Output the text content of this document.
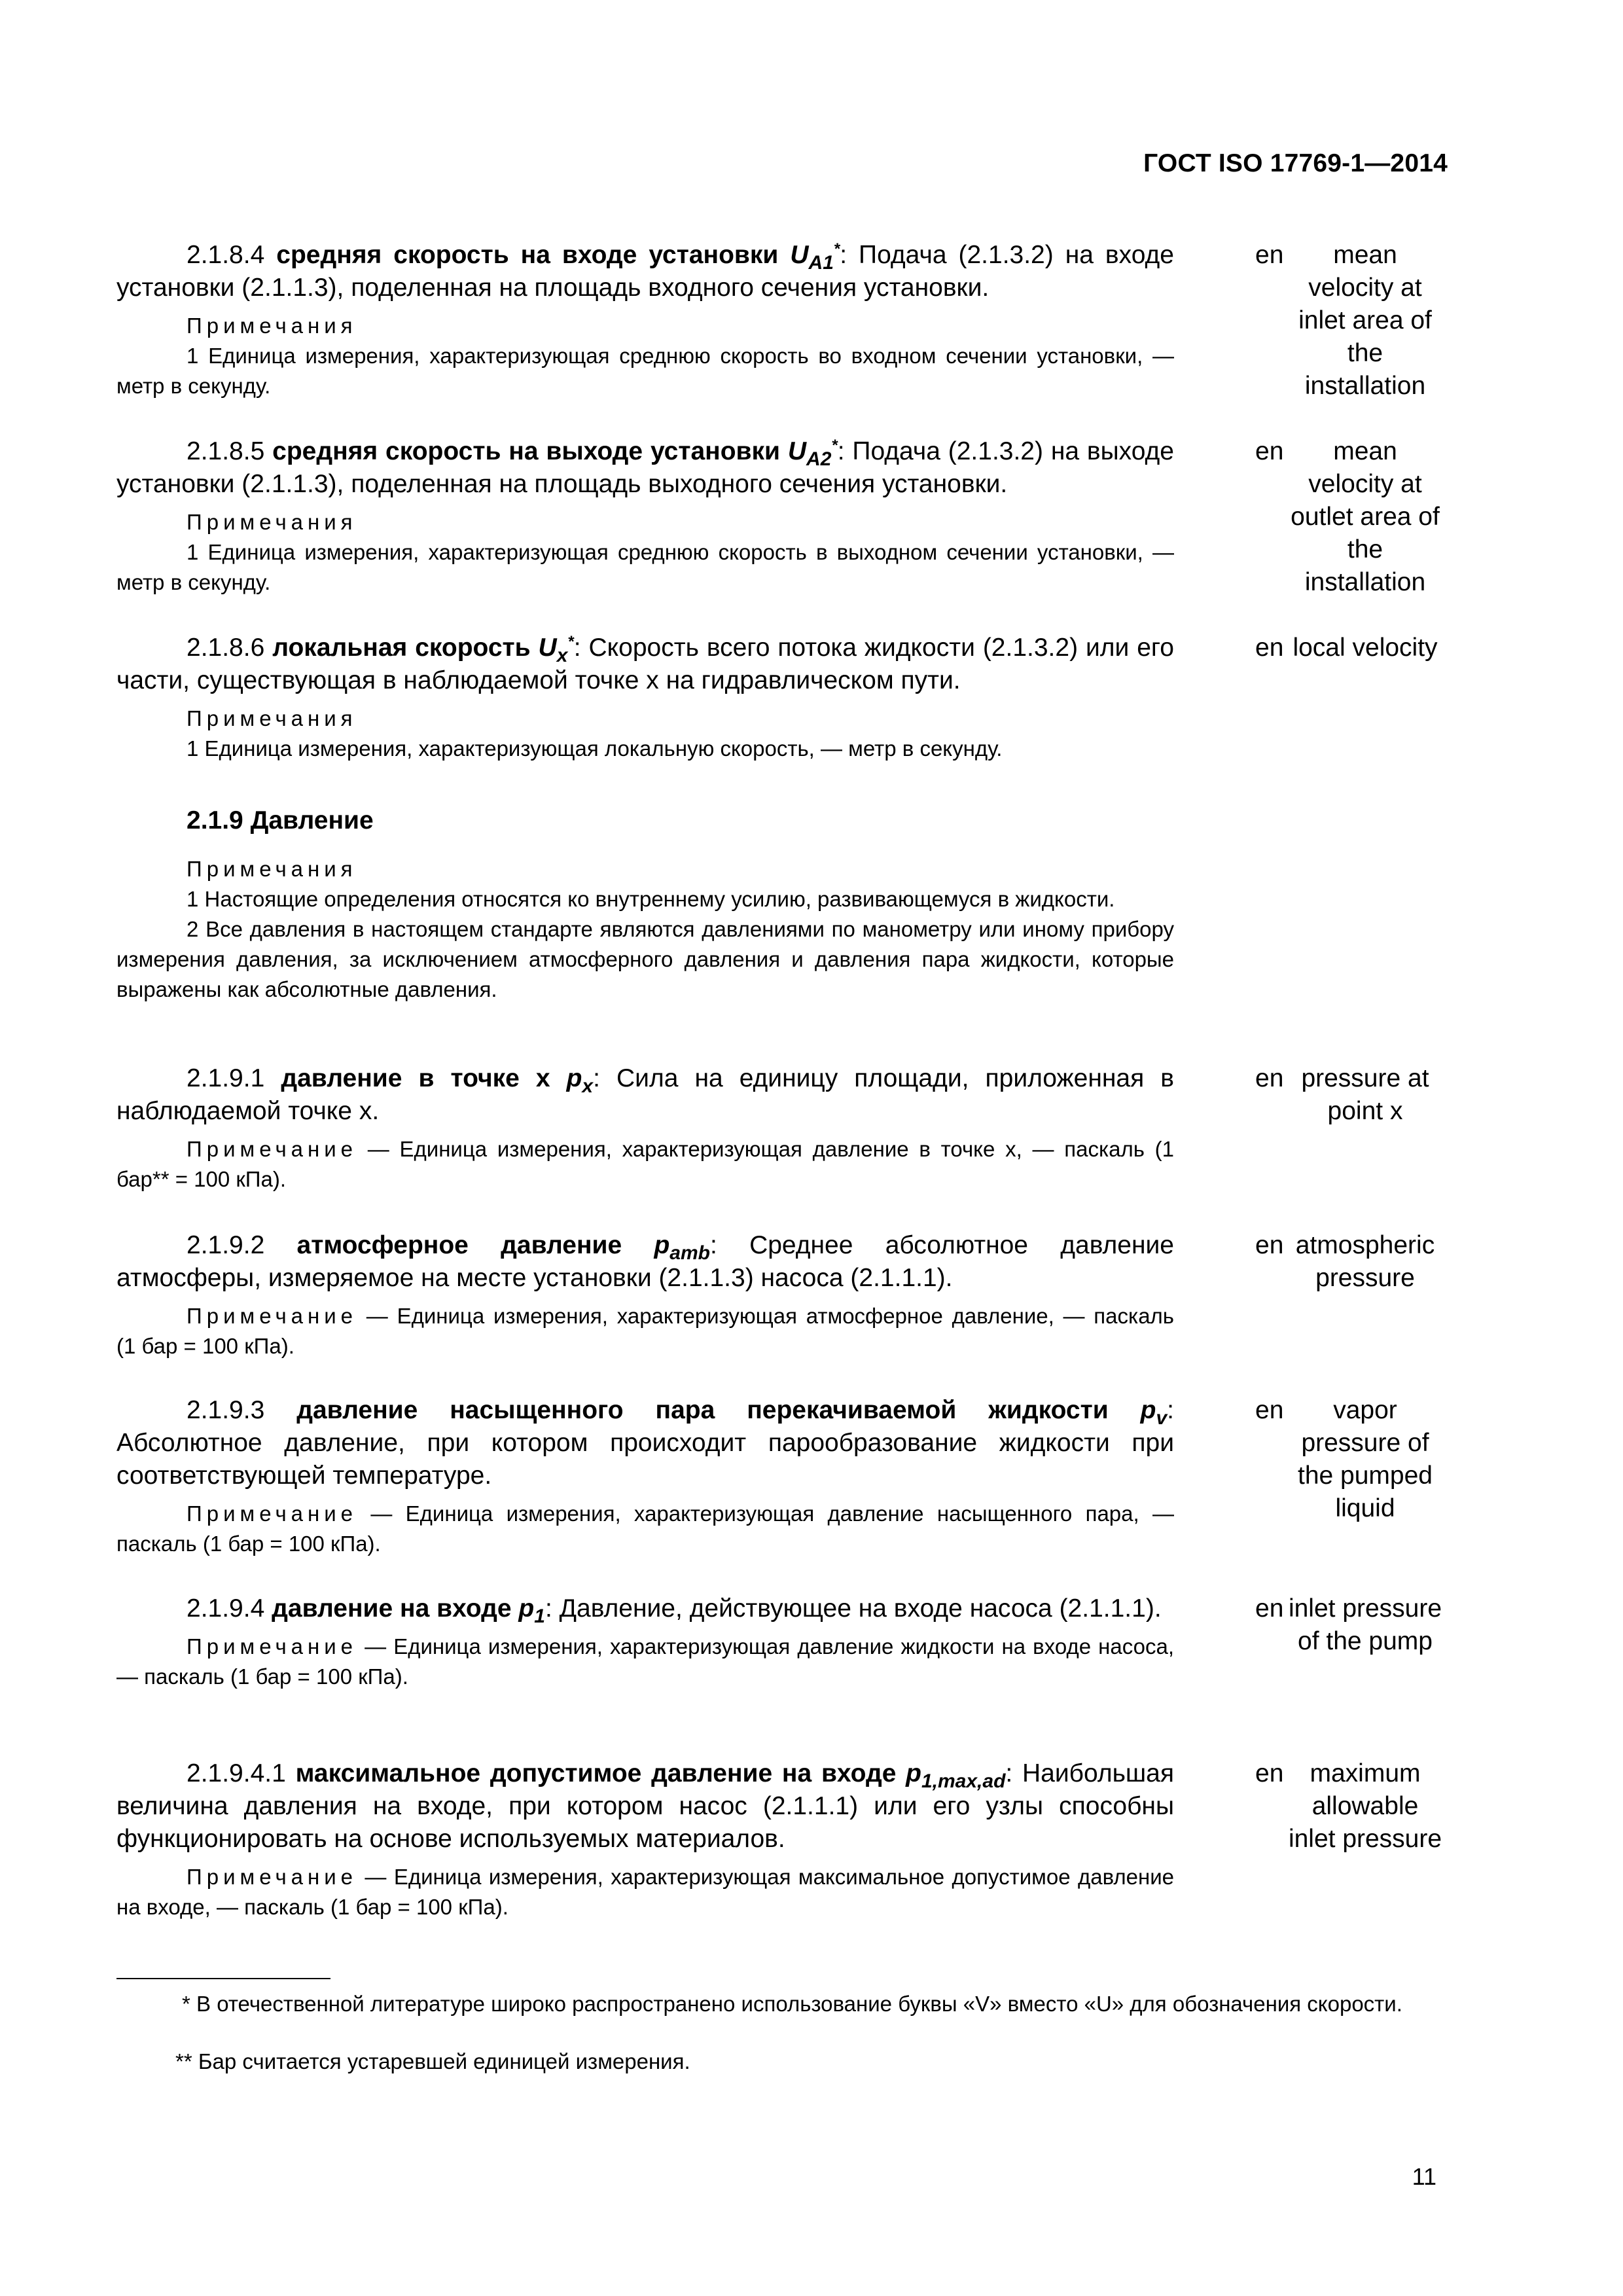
ГОСТ ISO 17769-1—2014

2.1.8.4 средняя скорость на входе установки $U_{A1}^*$: Подача (2.1.3.2) на входе установки (2.1.1.3), поделенная на площадь входного сечения установки.

Примечания

1 Единица измерения, характеризующая среднюю скорость во входном сечении установки, — метр в секунду.

en	mean velocity at inlet area of the installation

2.1.8.5 средняя скорость на выходе установки $U_{A2}^*$: Подача (2.1.3.2) на выходе установки (2.1.1.3), поделенная на площадь выходного сечения установки.

Примечания

1 Единица измерения, характеризующая среднюю скорость в выходном сечении установки, — метр в секунду.

en	mean velocity at outlet area of the installation

2.1.8.6 локальная скорость $U_x^*$: Скорость всего потока жидкости (2.1.3.2) или его части, существующая в наблюдаемой точке x на гидравлическом пути.

Примечания

1 Единица измерения, характеризующая локальную скорость, — метр в секунду.

en local velocity
2.1.9 Давление

Примечания

1 Настоящие определения относятся ко внутреннему усилию, развивающемуся в жидкости.

2 Все давления в настоящем стандарте являются давлениями по манометру или иному прибору измерения давления, за исключением атмосферного давления и давления пара жидкости, которые выражены как абсолютные давления.

2.1.9.1 давление в точке x $p_x$: Сила на единицу площади, приложенная в наблюдаемой точке x.

Примечание — Единица измерения, характеризующая давление в точке x, — паскаль (1 бар** = 100 кПа).

en pressure at point x

2.1.9.2 атмосферное давление $p_{amb}$: Среднее абсолютное давление атмосферы, измеряемое на месте установки (2.1.1.3) насоса (2.1.1.1).

Примечание — Единица измерения, характеризующая атмосферное давление, — паскаль (1 бар = 100 кПа).

en atmospheric pressure

2.1.9.3 давление насыщенного пара перекачиваемой жидкости $p_v$: Абсолютное давление, при котором происходит парообразование жидкости при соответствующей температуре.

Примечание — Единица измерения, характеризующая давление насыщенного пара, — паскаль (1 бар = 100 кПа).

en	vapor pressure of the pumped liquid

2.1.9.4 давление на входе $p_1$: Давление, действующее на входе насоса (2.1.1.1).

Примечание — Единица измерения, характеризующая давление жидкости на входе насоса, — паскаль (1 бар = 100 кПа).

en inlet pressure of the pump

2.1.9.4.1 максимальное допустимое давление на входе $p_{1,max,ad}$: Наибольшая величина давления на входе, при котором насос (2.1.1.1) или его узлы способны функционировать на основе используемых материалов.

Примечание — Единица измерения, характеризующая максимальное допустимое давление на входе, — паскаль (1 бар = 100 кПа).

en	maximum allowable inlet pressure
* В отечественной литературе широко распространено использование буквы «V» вместо «U» для обозначения скорости.
** Бар считается устаревшей единицей измерения.
11
